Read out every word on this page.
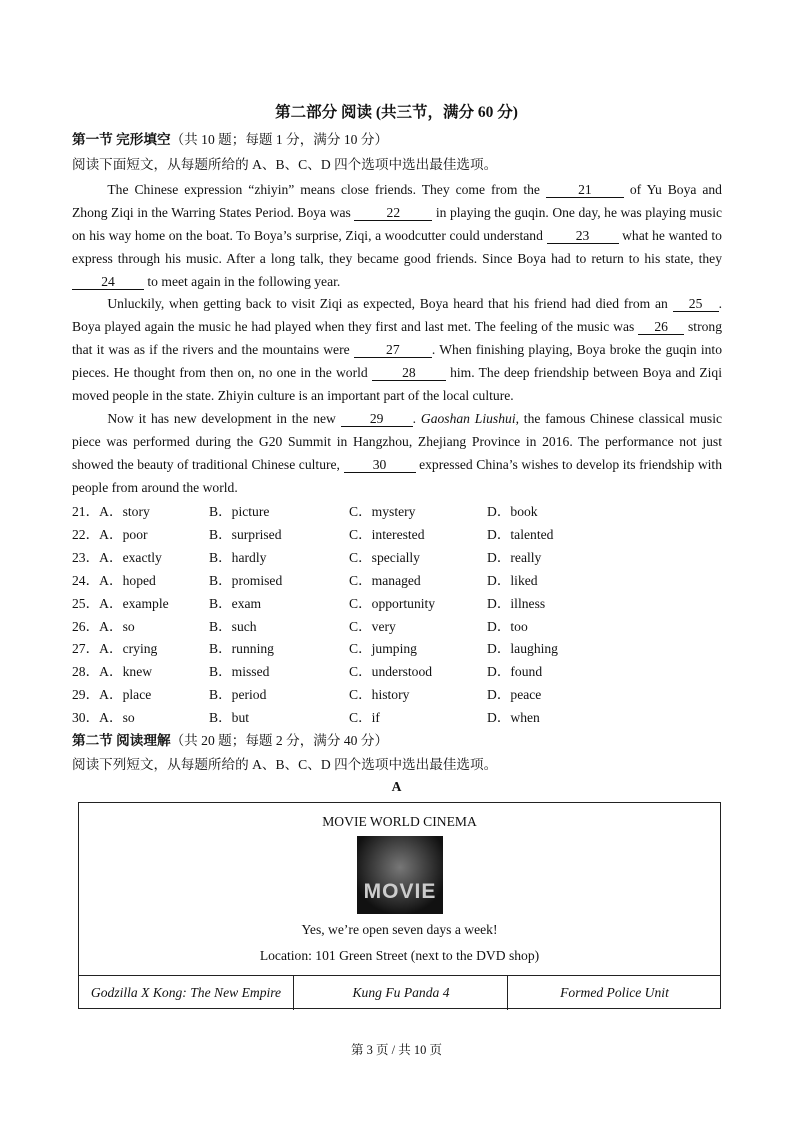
第二部分 阅读 (共三节，满分 60 分)
第一节 完形填空（共 10 题；每题 1 分，满分 10 分）
阅读下面短文，从每题所给的 A、B、C、D 四个选项中选出最佳选项。
The Chinese expression “zhiyin” means close friends. They come from the 21 of Yu Boya and Zhong Ziqi in the Warring States Period. Boya was 22 in playing the guqin. One day, he was playing music on his way home on the boat. To Boya’s surprise, Ziqi, a woodcutter could understand 23 what he wanted to express through his music. After a long talk, they became good friends. Since Boya had to return to his state, they 24 to meet again in the following year.
Unluckily, when getting back to visit Ziqi as expected, Boya heard that his friend had died from an 25 . Boya played again the music he had played when they first and last met. The feeling of the music was 26 strong that it was as if the rivers and the mountains were 27 . When finishing playing, Boya broke the guqin into pieces. He thought from then on, no one in the world 28 him. The deep friendship between Boya and Ziqi moved people in the state. Zhiyin culture is an important part of the local culture.
Now it has new development in the new 29 . Gaoshan Liushui, the famous Chinese classical music piece was performed during the G20 Summit in Hangzhou, Zhejiang Province in 2016. The performance not just showed the beauty of traditional Chinese culture, 30 expressed China’s wishes to develop its friendship with people from around the world.
21．A．story	B．picture	C．mystery	D．book
22．A．poor	B．surprised	C．interested	D．talented
23．A．exactly	B．hardly	C．specially	D．really
24．A．hoped	B．promised	C．managed	D．liked
25．A．example	B．exam	C．opportunity	D．illness
26．A．so	B．such	C．very	D．too
27．A．crying	B．running	C．jumping	D．laughing
28．A．knew	B．missed	C．understood	D．found
29．A．place	B．period	C．history	D．peace
30．A．so	B．but	C．if	D．when
第二节 阅读理解（共 20 题；每题 2 分，满分 40 分）
阅读下列短文，从每题所给的 A、B、C、D 四个选项中选出最佳选项。
A
MOVIE WORLD CINEMA
MOVIE
Yes, we’re open seven days a week!
Location: 101 Green Street (next to the DVD shop)
Godzilla X Kong: The New Empire	Kung Fu Panda 4	Formed Police Unit
第 3 页 / 共 10 页
